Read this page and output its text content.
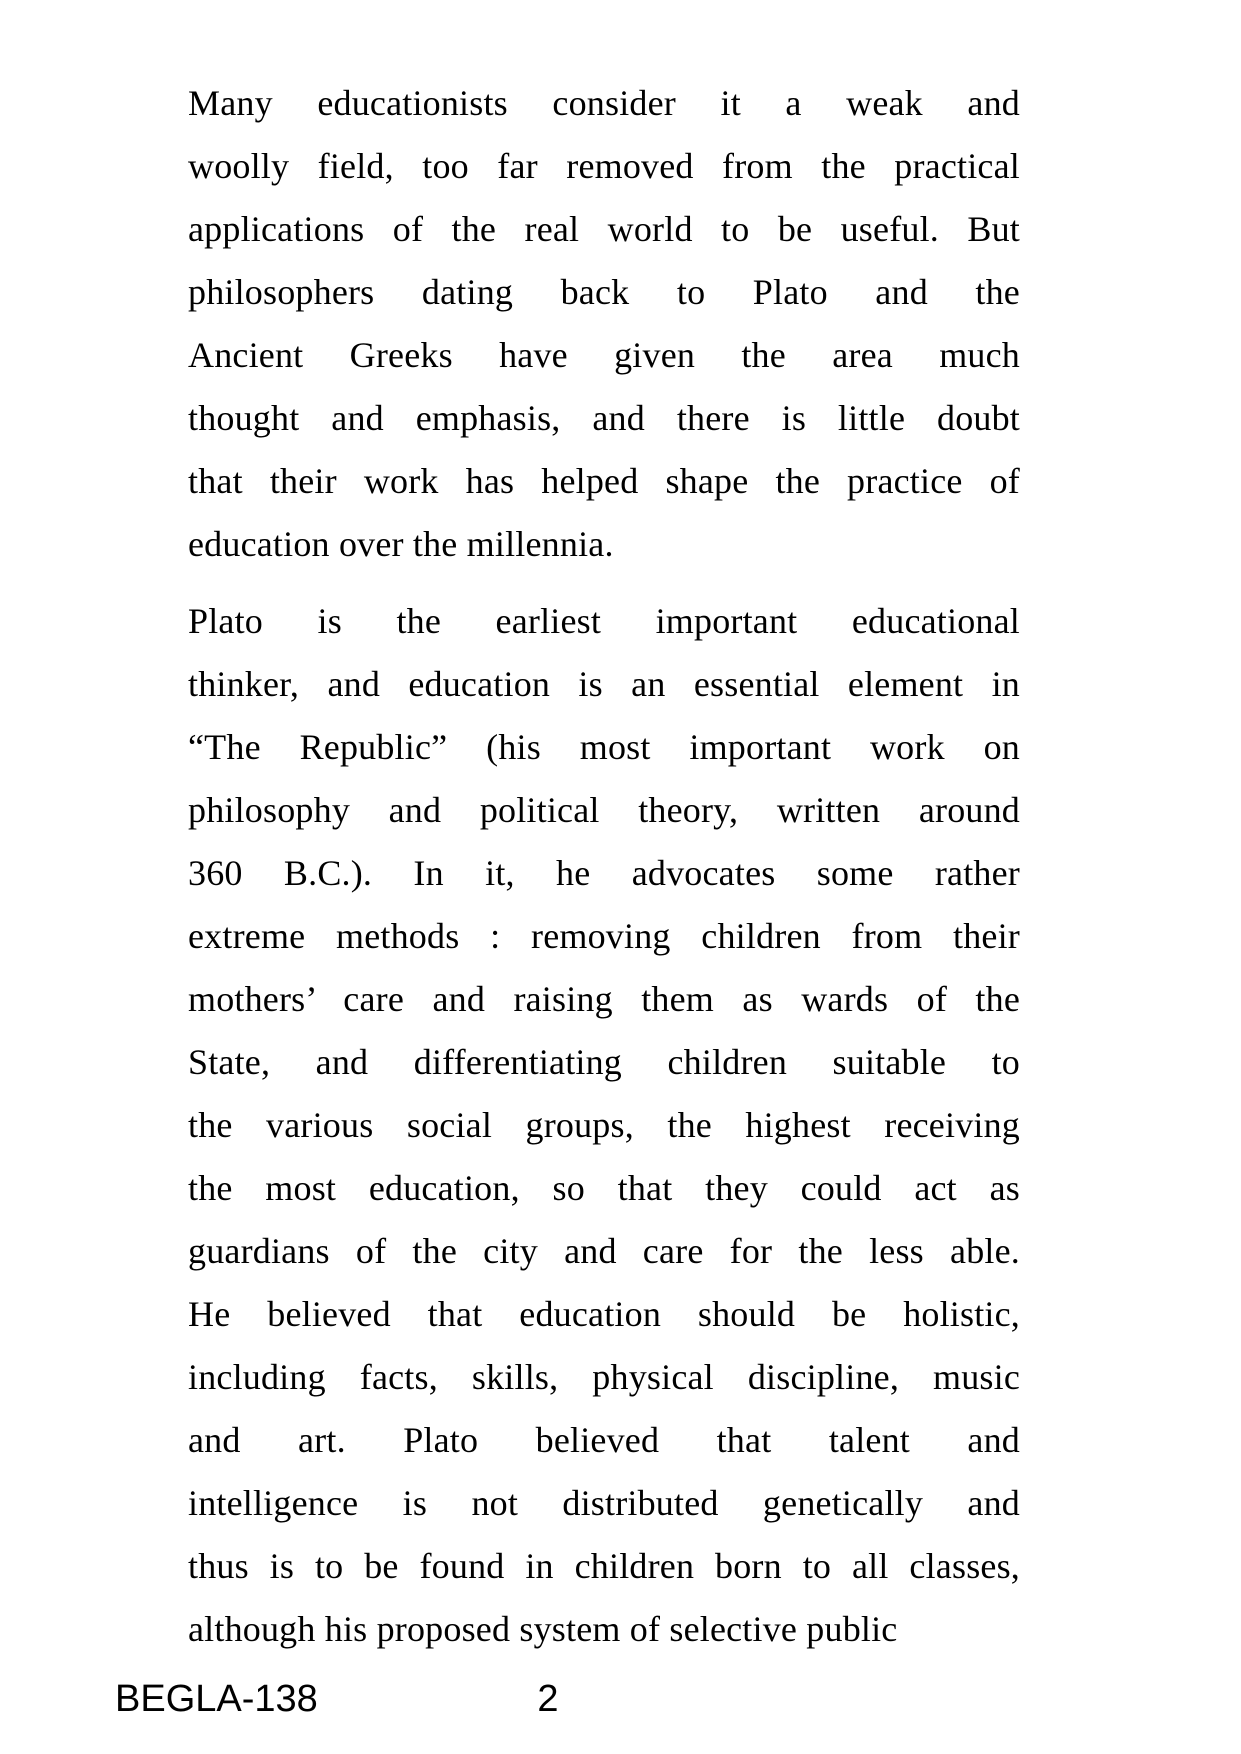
Many educationists consider it a weak and
woolly field, too far removed from the practical
applications of the real world to be useful. But
philosophers dating back to Plato and the
Ancient Greeks have given the area much
thought and emphasis, and there is little doubt
that their work has helped shape the practice of
education over the millennia.
Plato is the earliest important educational
thinker, and education is an essential element in
“The Republic” (his most important work on
philosophy and political theory, written around
360 B.C.). In it, he advocates some rather
extreme methods : removing children from their
mothers’ care and raising them as wards of the
State, and differentiating children suitable to
the various social groups, the highest receiving
the most education, so that they could act as
guardians of the city and care for the less able.
He believed that education should be holistic,
including facts, skills, physical discipline, music
and art. Plato believed that talent and
intelligence is not distributed genetically and
thus is to be found in children born to all classes,
although his proposed system of selective public
BEGLA-138	2
